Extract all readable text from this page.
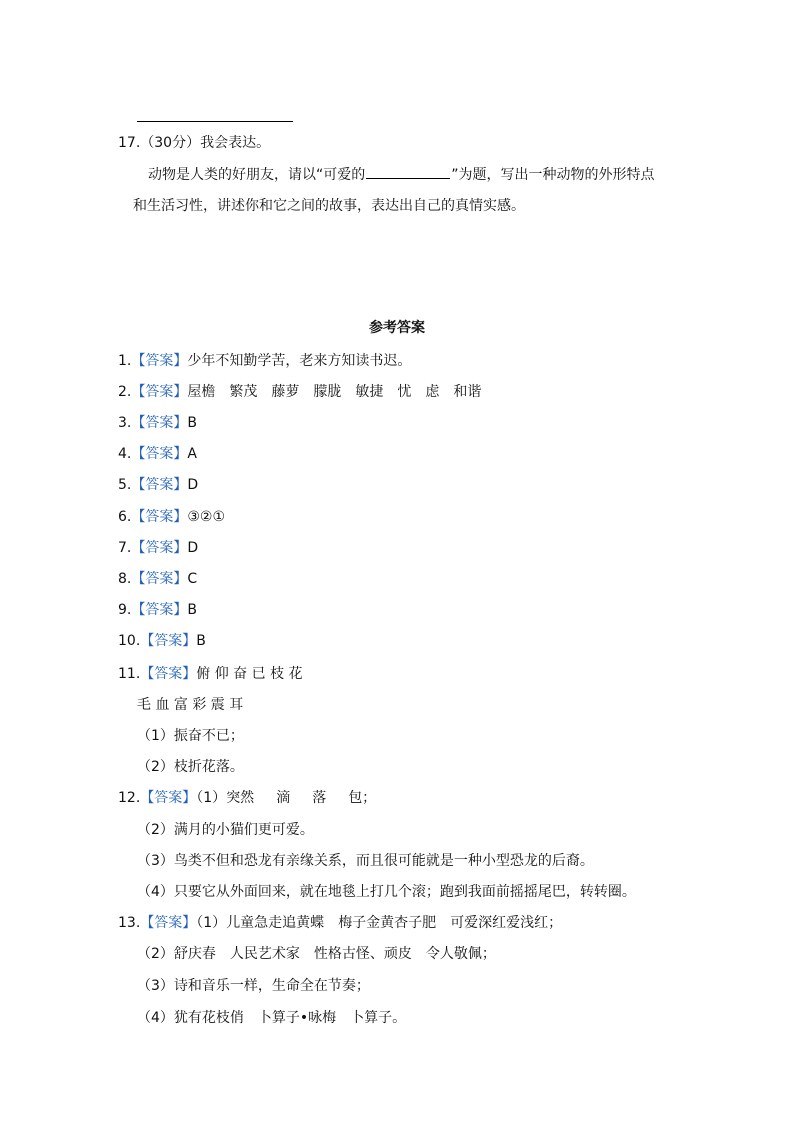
17.（30分）我会表达。
动物是人类的好朋友，请以“可爱的	”为题，写出一种动物的外形特点
和生活习性，讲述你和它之间的故事，表达出自己的真情实感。
参考答案
1.【答案】少年不知勤学苦，老来方知读书迟。
2.【答案】屋檐 繁茂 藤萝 朦胧 敏捷 忧 虑 和谐
3.【答案】B
4.【答案】A
5.【答案】D
6.【答案】③②①
7.【答案】D
8.【答案】C
9.【答案】B
10.【答案】B
11.【答案】俯 仰 奋 已 枝 花
毛 血 富 彩 震 耳
（1）振奋不已；
（2）枝折花落。
12.【答案】（1）突然 滴 落 包；
（2）满月的小猫们更可爱。
（3）鸟类不但和恐龙有亲缘关系，而且很可能就是一种小型恐龙的后裔。
（4）只要它从外面回来，就在地毯上打几个滚；跑到我面前摇摇尾巴，转转圈。
13.【答案】（1）儿童急走追黄蝶 梅子金黄杏子肥 可爱深红爱浅红；
（2）舒庆春 人民艺术家 性格古怪、顽皮 令人敬佩；
（3）诗和音乐一样，生命全在节奏；
（4）犹有花枝俏 卜算子•咏梅 卜算子。
